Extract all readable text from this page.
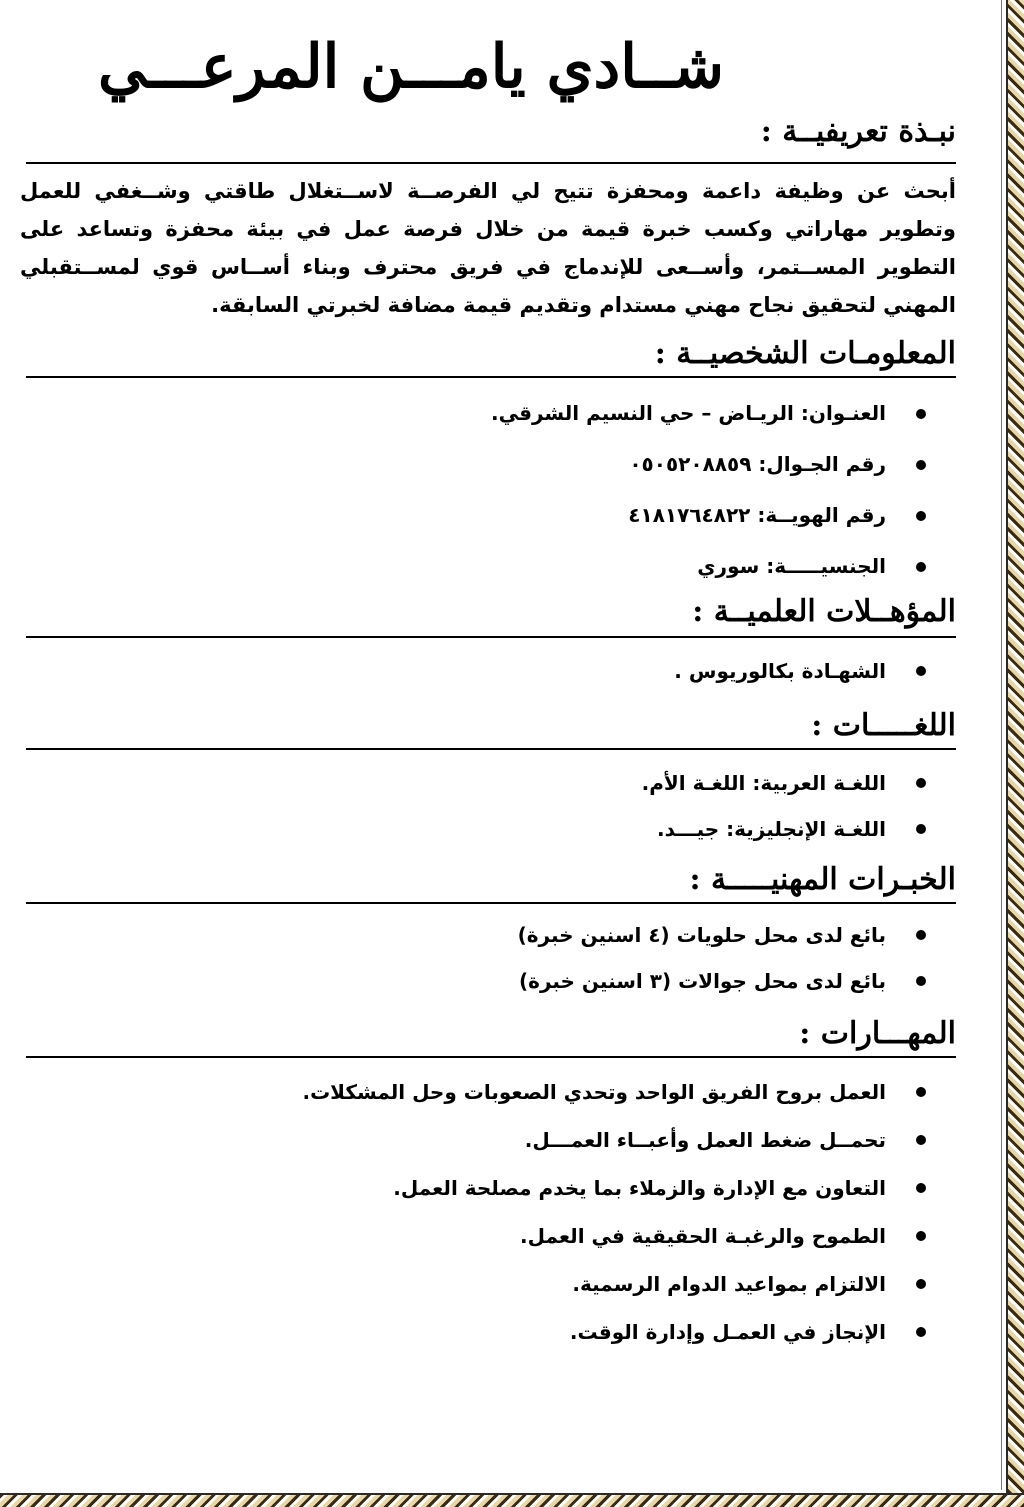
شــادي يامـــن المرعـــي
نبـذة تعريفيــة :
أبحث عن وظيفة داعمة ومحفزة تتيح لي الفرصــة لاســتغلال طاقتي وشــغفي للعمل وتطوير مهاراتي وكسب خبرة قيمة من خلال فرصة عمل في بيئة محفزة وتساعد على التطوير المســتمر، وأســعى للإندماج في فريق محترف وبناء أســاس قوي لمســتقبلي المهني لتحقيق نجاح مهني مستدام وتقديم قيمة مضافة لخبرتي السابقة.
المعلومـات الشخصيــة :
العنـوان: الريـاض – حي النسيم الشرقي.
رقم الجـوال: ٠٥٠٥٢٠٨٨٥٩
رقم الهويــة: ٤١٨١٧٦٤٨٢٢
الجنسيـــــة: سوري
المؤهــلات العلميــة :
الشهـادة بكالوريوس .
اللغـــــات :
اللغـة العربية: اللغـة الأم.
اللغـة الإنجليزية: جيـــد.
الخبـرات المهنيـــــة :
بائع لدى محل حلويات (٤ اسنين خبرة)
بائع لدى محل جوالات (٣ اسنين خبرة)
المهـــارات :
العمل بروح الفريق الواحد وتحدي الصعوبات وحل المشكلات.
تحمــل ضغط العمل وأعبــاء العمـــل.
التعاون مع الإدارة والزملاء بما يخدم مصلحة العمل.
الطموح والرغبـة الحقيقية في العمل.
الالتزام بمواعيد الدوام الرسمية.
الإنجاز في العمـل وإدارة الوقت.
